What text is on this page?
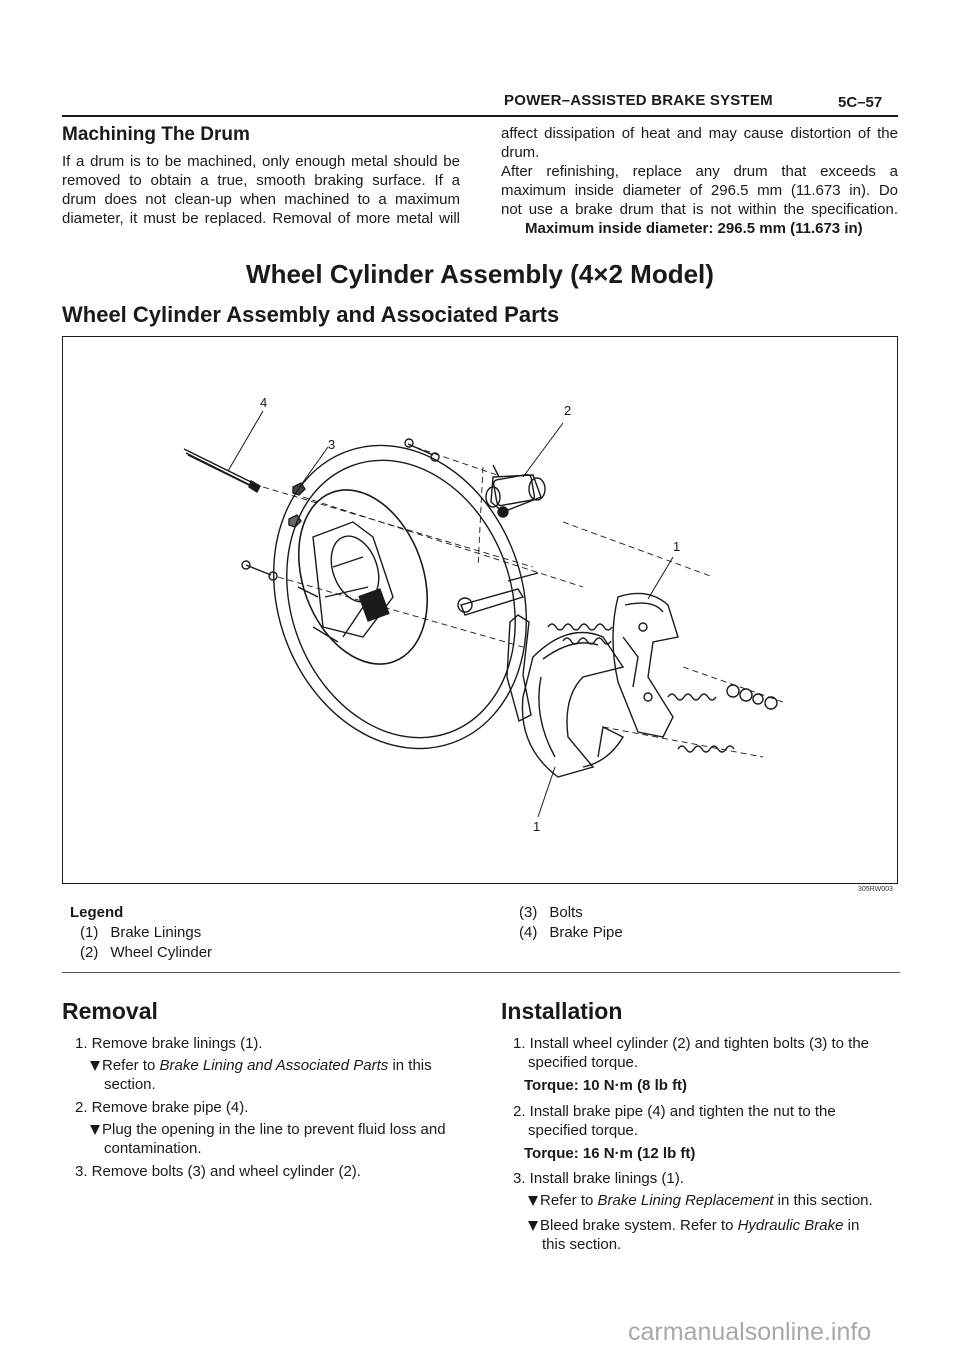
POWER–ASSISTED BRAKE SYSTEM	5C–57
Machining The Drum
If a drum is to be machined, only enough metal should be
removed to obtain a true, smooth braking surface. If a
drum does not clean-up when machined to a maximum
diameter, it must be replaced. Removal of more metal will
affect dissipation of heat and may cause distortion of the
drum.
After refinishing, replace any drum that exceeds a
maximum inside diameter of 296.5 mm (11.673 in). Do
not use a brake drum that is not within the specification.
Maximum inside diameter: 296.5 mm (11.673 in)
Wheel Cylinder Assembly (4×2 Model)
Wheel Cylinder Assembly and Associated Parts
4
2
3
1
1
305RW003
Legend
(1) Brake Linings
(2) Wheel Cylinder
(3) Bolts
(4) Brake Pipe
Removal
1. Remove brake linings (1).
Refer to Brake Lining and Associated Parts in this
section.
2. Remove brake pipe (4).
Plug the opening in the line to prevent fluid loss and
contamination.
3. Remove bolts (3) and wheel cylinder (2).
Installation
1. Install wheel cylinder (2) and tighten bolts (3) to the
specified torque.
Torque: 10 N·m (8 lb ft)
2. Install brake pipe (4) and tighten the nut to the
specified torque.
Torque: 16 N·m (12 lb ft)
3. Install brake linings (1).
Refer to Brake Lining Replacement in this section.
Bleed brake system. Refer to Hydraulic Brake in
this section.
carmanualsonline.info
